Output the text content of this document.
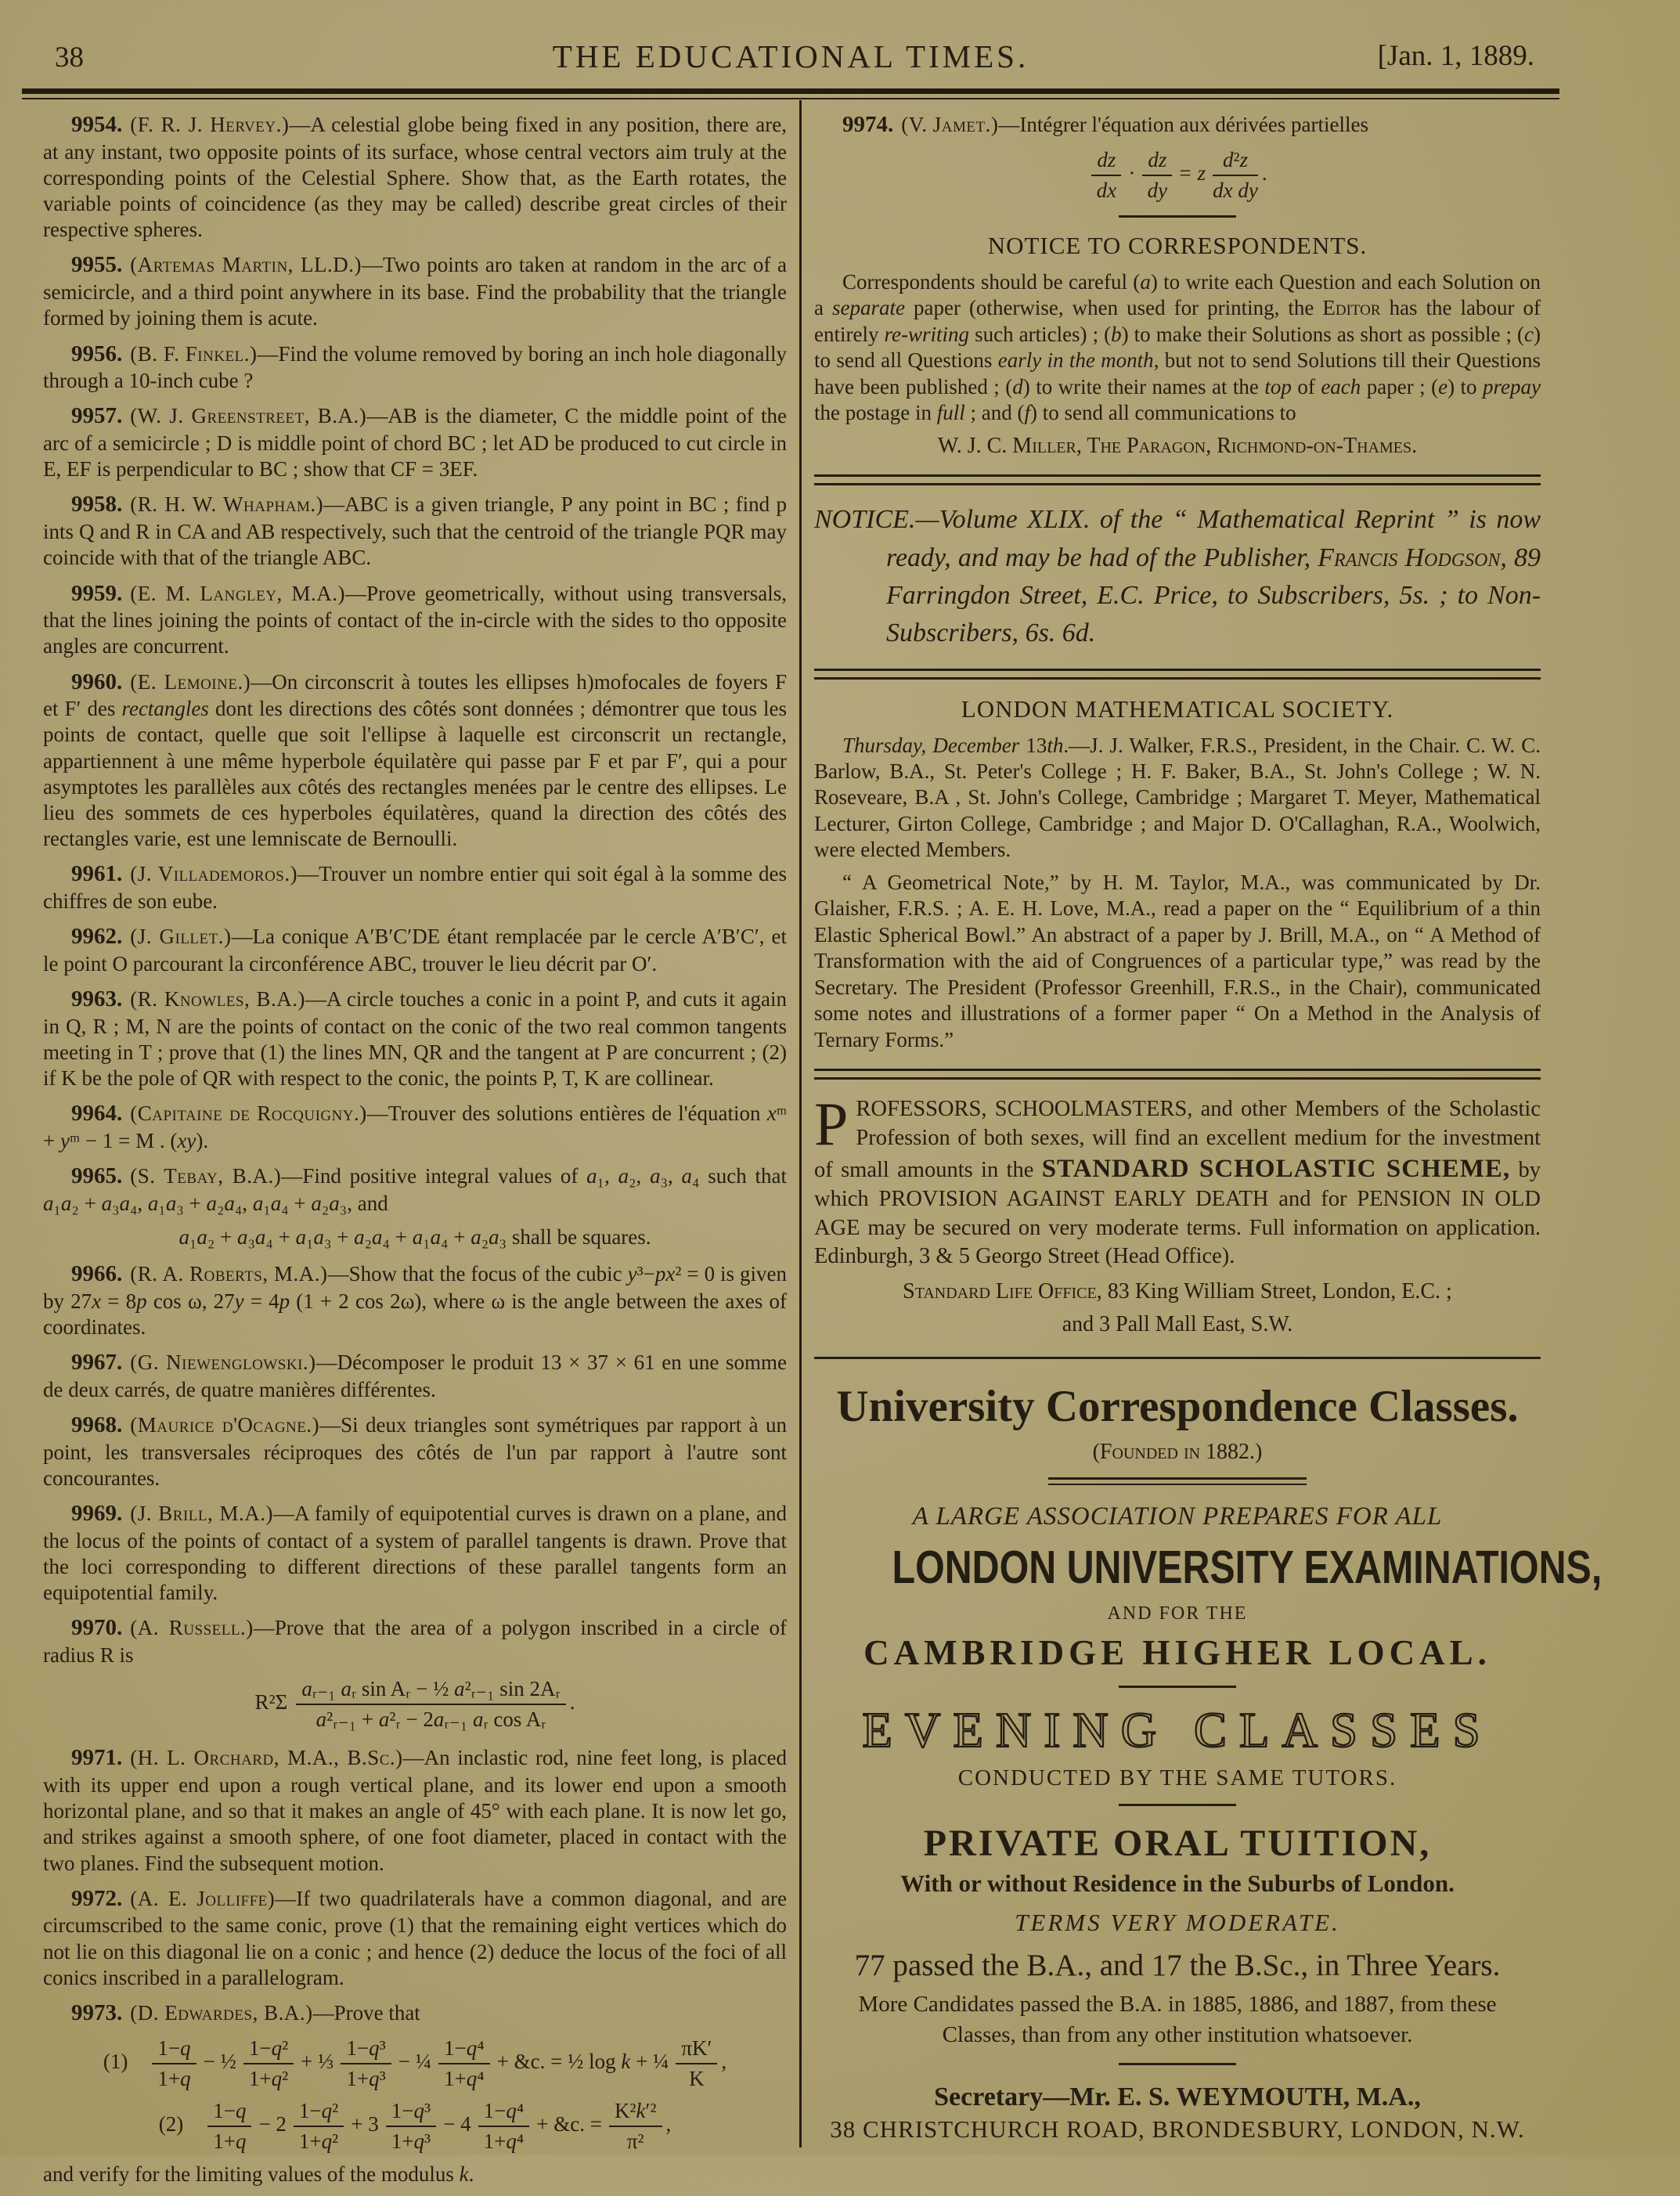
38	THE EDUCATIONAL TIMES.	[Jan. 1, 1889.

9954. (F. R. J. Hervey.)—A celestial globe being fixed in any position, there are, at any instant, two opposite points of its surface, whose central vectors aim truly at the corresponding points of the Celestial Sphere. Show that, as the Earth rotates, the variable points of coincidence (as they may be called) describe great circles of their respective spheres.

9955. (Artemas Martin, LL.D.)—Two points aro taken at random in the arc of a semicircle, and a third point anywhere in its base. Find the probability that the triangle formed by joining them is acute.

9956. (B. F. Finkel.)—Find the volume removed by boring an inch hole diagonally through a 10-inch cube ?

9957. (W. J. Greenstreet, B.A.)—AB is the diameter, C the middle point of the arc of a semicircle ; D is middle point of chord BC ; let AD be produced to cut circle in E, EF is perpendicular to BC ; show that CF = 3EF.

9958. (R. H. W. Whapham.)—ABC is a given triangle, P any point in BC ; find p ints Q and R in CA and AB respectively, such that the centroid of the triangle PQR may coincide with that of the triangle ABC.

9959. (E. M. Langley, M.A.)—Prove geometrically, without using transversals, that the lines joining the points of contact of the in-circle with the sides to tho opposite angles are concurrent.

9960. (E. Lemoine.)—On circonscrit à toutes les ellipses h)mofocales de foyers F et F′ des rectangles dont les directions des côtés sont données ; démontrer que tous les points de contact, quelle que soit l'ellipse à laquelle est circonscrit un rectangle, appartiennent à une même hyperbole équilatère qui passe par F et par F′, qui a pour asymptotes les parallèles aux côtés des rectangles menées par le centre des ellipses. Le lieu des sommets de ces hyperboles équilatères, quand la direction des côtés des rectangles varie, est une lemniscate de Bernoulli.

9961. (J. Villademoros.)—Trouver un nombre entier qui soit égal à la somme des chiffres de son eube.

9962. (J. Gillet.)—La conique A′B′C′DE étant remplacée par le cercle A′B′C′, et le point O parcourant la circonférence ABC, trouver le lieu décrit par O′.

9963. (R. Knowles, B.A.)—A circle touches a conic in a point P, and cuts it again in Q, R ; M, N are the points of contact on the conic of the two real common tangents meeting in T ; prove that (1) the lines MN, QR and the tangent at P are concurrent ; (2) if K be the pole of QR with respect to the conic, the points P, T, K are collinear.

9964. (Capitaine de Rocquigny.)—Trouver des solutions entières de l'équation xᵐ + yᵐ − 1 = M . (xy).

9965. (S. Tebay, B.A.)—Find positive integral values of a₁, a₂, a₃, a₄ such that a₁a₂ + a₃a₄, a₁a₃ + a₂a₄, a₁a₄ + a₂a₃, and

a₁a₂ + a₃a₄ + a₁a₃ + a₂a₄ + a₁a₄ + a₂a₃ shall be squares.

9966. (R. A. Roberts, M.A.)—Show that the focus of the cubic y³−px² = 0 is given by 27x = 8p cos ω, 27y = 4p (1 + 2 cos 2ω), where ω is the angle between the axes of coordinates.

9967. (G. Niewenglowski.)—Décomposer le produit 13 × 37 × 61 en une somme de deux carrés, de quatre manières différentes.

9968. (Maurice d'Ocagne.)—Si deux triangles sont symétriques par rapport à un point, les transversales réciproques des côtés de l'un par rapport à l'autre sont concourantes.

9969. (J. Brill, M.A.)—A family of equipotential curves is drawn on a plane, and the locus of the points of contact of a system of parallel tangents is drawn. Prove that the loci corresponding to different directions of these parallel tangents form an equipotential family.

9970. (A. Russell.)—Prove that the area of a polygon inscribed in a circle of radius R is

$R^2\Sigma \frac{\text{aᵣ₋₁ aᵣ sin Aᵣ − ½ a²ᵣ₋₁ sin 2Aᵣ}}{\text{a²ᵣ₋₁ + a²ᵣ − 2aᵣ₋₁ aᵣ cos Aᵣ}}$ .

9971. (H. L. Orchard, M.A., B.Sc.)—An inclastic rod, nine feet long, is placed with its upper end upon a rough vertical plane, and its lower end upon a smooth horizontal plane, and so that it makes an angle of 45° with each plane. It is now let go, and strikes against a smooth sphere, of one foot diameter, placed in contact with the two planes. Find the subsequent motion.

9972. (A. E. Jolliffe)—If two quadrilaterals have a common diagonal, and are circumscribed to the same conic, prove (1) that the remaining eight vertices which do not lie on this diagonal lie on a conic ; and hence (2) deduce the locus of the foci of all conics inscribed in a parallelogram.

9973. (D. Edwardes, B.A.)—Prove that

$(1) \frac{1-q}{1+q}$ − ½ $\frac{\text{1−q²}}{\text{1+q²}}$ + ⅓ $\frac{\text{1−q³}}{\text{1+q³}}$ − ¼ $\frac{\text{1−q⁴}}{\text{1+q⁴}}$ + &c. = ½ log k + ¼ $\frac{\pi K'}{K}$ ,
$(2) \frac{1-q}{1+q} - 2 \frac{\text{1−q²}}{\text{1+q²}} + 3 \frac{\text{1−q³}}{\text{1+q³}} - 4 \frac{\text{1−q⁴}}{\text{1+q⁴}}$ + &c. = $\frac{\text{K²k′²}}{\text{π²}}$ ,

and verify for the limiting values of the modulus k.

9974. (V. Jamet.)—Intégrer l'équation aux dérivées partielles

$\frac{dz}{dx} \cdot \frac{dz}{dy} = z \frac{\text{d²z}}{\text{dx dy}}$ .
NOTICE TO CORRESPONDENTS.

Correspondents should be careful (a) to write each Question and each Solution on a separate paper (otherwise, when used for printing, the Editor has the labour of entirely re-writing such articles) ; (b) to make their Solutions as short as possible ; (c) to send all Questions early in the month, but not to send Solutions till their Questions have been published ; (d) to write their names at the top of each paper ; (e) to prepay the postage in full ; and (f) to send all communications to

W. J. C. Miller, The Paragon, Richmond-on-Thames.

NOTICE.—Volume XLIX. of the “ Mathematical Reprint ” is now ready, and may be had of the Publisher, Francis Hodgson, 89 Farringdon Street, E.C. Price, to Subscribers, 5s. ; to Non-Subscribers, 6s. 6d.

LONDON MATHEMATICAL SOCIETY.

Thursday, December 13th.—J. J. Walker, F.R.S., President, in the Chair. C. W. C. Barlow, B.A., St. Peter's College ; H. F. Baker, B.A., St. John's College ; W. N. Roseveare, B.A , St. John's College, Cambridge ; Margaret T. Meyer, Mathematical Lecturer, Girton College, Cambridge ; and Major D. O'Callaghan, R.A., Woolwich, were elected Members.

“ A Geometrical Note,” by H. M. Taylor, M.A., was communicated by Dr. Glaisher, F.R.S. ; A. E. H. Love, M.A., read a paper on the “ Equilibrium of a thin Elastic Spherical Bowl.” An abstract of a paper by J. Brill, M.A., on “ A Method of Transformation with the aid of Congruences of a particular type,” was read by the Secretary. The President (Professor Greenhill, F.R.S., in the Chair), communicated some notes and illustrations of a former paper “ On a Method in the Analysis of Ternary Forms.”

PROFESSORS, SCHOOLMASTERS, and other Members of the Scholastic Profession of both sexes, will find an excellent medium for the investment of small amounts in the STANDARD SCHOLASTIC SCHEME, by which PROVISION AGAINST EARLY DEATH and for PENSION IN OLD AGE may be secured on very moderate terms. Full information on application. Edinburgh, 3 & 5 Georgo Street (Head Office).

Standard Life Office, 83 King William Street, London, E.C. ;
and 3 Pall Mall East, S.W.
University Correspondence Classes.
(Founded in 1882.)
A LARGE ASSOCIATION PREPARES FOR ALL
LONDON UNIVERSITY EXAMINATIONS,
AND FOR THE
CAMBRIDGE HIGHER LOCAL.
EVENING CLASSES
CONDUCTED BY THE SAME TUTORS.
PRIVATE ORAL TUITION,
With or without Residence in the Suburbs of London.
TERMS VERY MODERATE.
77 passed the B.A., and 17 the B.Sc., in Three Years.
More Candidates passed the B.A. in 1885, 1886, and 1887, from these Classes, than from any other institution whatsoever.
Secretary—Mr. E. S. WEYMOUTH, M.A.,
38 CHRISTCHURCH ROAD, BRONDESBURY, LONDON, N.W.
